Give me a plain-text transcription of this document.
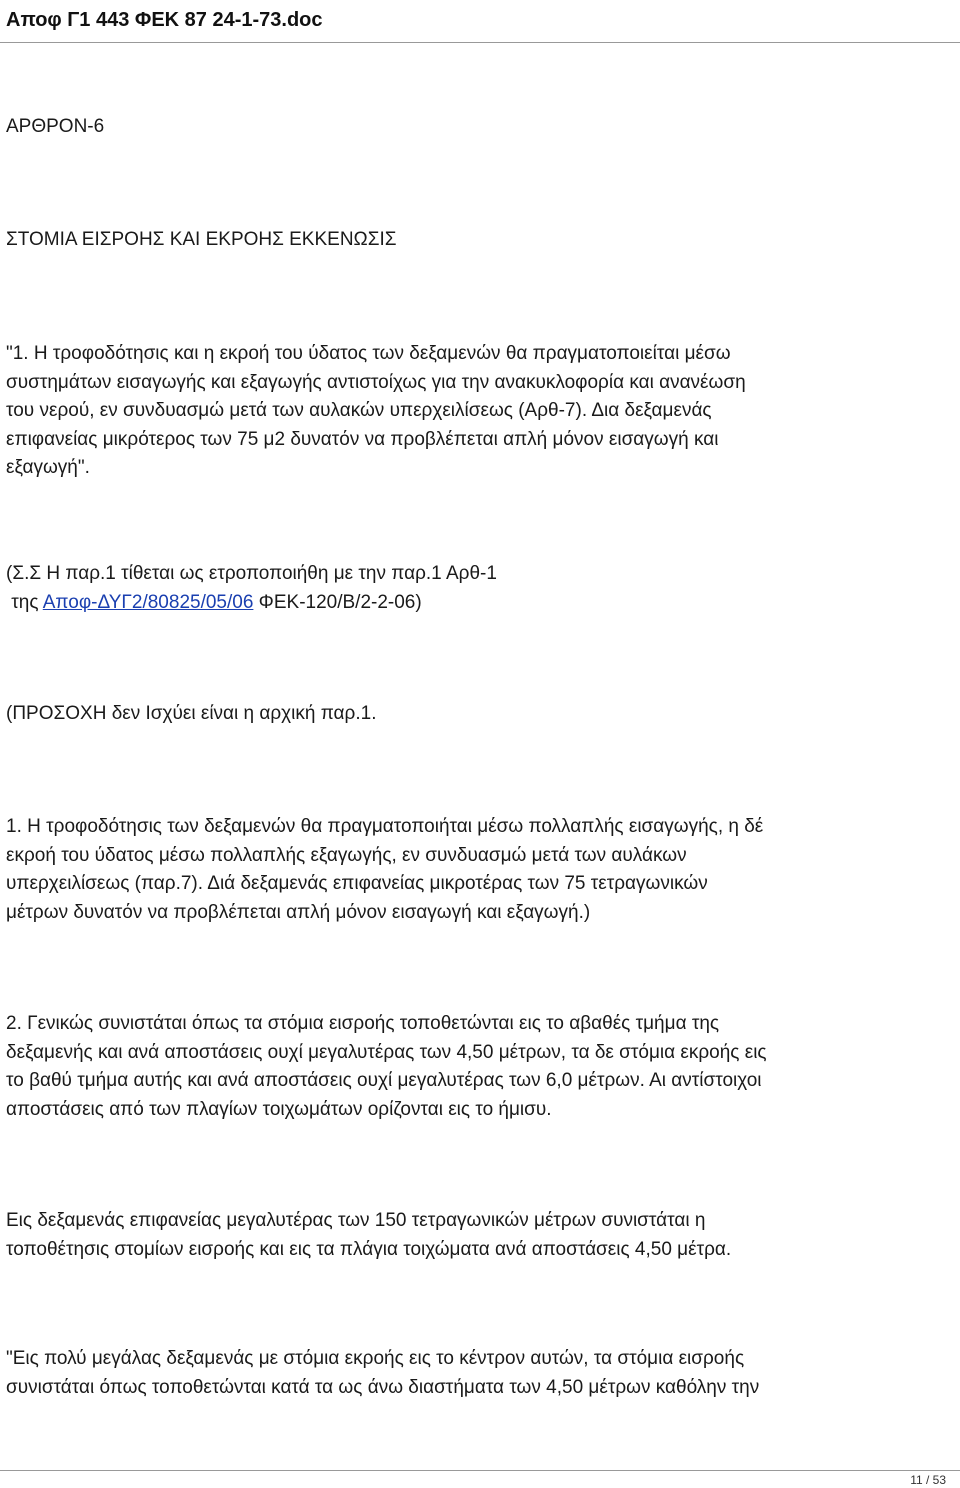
Αποφ Γ1 443 ΦΕΚ 87 24-1-73.doc
ΑΡΘΡΟΝ-6
ΣΤΟΜΙΑ ΕΙΣΡΟΗΣ ΚΑΙ ΕΚΡΟΗΣ ΕΚΚΕΝΩΣΙΣ
"1. Η τροφοδότησις και η εκροή του ύδατος των δεξαμενών θα πραγματοποιείται μέσω
συστημάτων εισαγωγής και εξαγωγής αντιστοίχως για την ανακυκλοφορία και ανανέωση
του νερού, εν συνδυασμώ μετά των αυλακών υπερχειλίσεως (Αρθ-7). Δια δεξαμενάς
επιφανείας μικρότερος των 75 μ2 δυνατόν να προβλέπεται απλή μόνον εισαγωγή και
εξαγωγή".
(Σ.Σ Η παρ.1 τίθεται ως ετροποποιήθη με την παρ.1 Αρθ-1
της Αποφ-ΔΥΓ2/80825/05/06 ΦΕΚ-120/Β/2-2-06)
(ΠΡΟΣΟΧΗ δεν Ισχύει είναι η αρχική παρ.1.
1. Η τροφοδότησις των δεξαμενών θα πραγματοποιήται μέσω πολλαπλής εισαγωγής, η δέ
εκροή του ύδατος μέσω πολλαπλής εξαγωγής, εν συνδυασμώ μετά των αυλάκων
υπερχειλίσεως (παρ.7). Διά δεξαμενάς επιφανείας μικροτέρας των 75 τετραγωνικών
μέτρων δυνατόν να προβλέπεται απλή μόνον εισαγωγή και εξαγωγή.)
2. Γενικώς συνιστάται όπως τα στόμια εισροής τοποθετώνται εις το αβαθές τμήμα της
δεξαμενής και ανά αποστάσεις ουχί μεγαλυτέρας των 4,50 μέτρων, τα δε στόμια εκροής εις
το βαθύ τμήμα αυτής και ανά αποστάσεις ουχί μεγαλυτέρας των 6,0 μέτρων. Αι αντίστοιχοι
αποστάσεις από των πλαγίων τοιχωμάτων ορίζονται εις το ήμισυ.
Εις δεξαμενάς επιφανείας μεγαλυτέρας των 150 τετραγωνικών μέτρων συνιστάται η
τοποθέτησις στομίων εισροής και εις τα πλάγια τοιχώματα ανά αποστάσεις 4,50 μέτρα.
"Εις πολύ μεγάλας δεξαμενάς με στόμια εκροής εις το κέντρον αυτών, τα στόμια εισροής
συνιστάται όπως τοποθετώνται κατά τα ως άνω διαστήματα των 4,50 μέτρων καθόλην την
11 / 53
